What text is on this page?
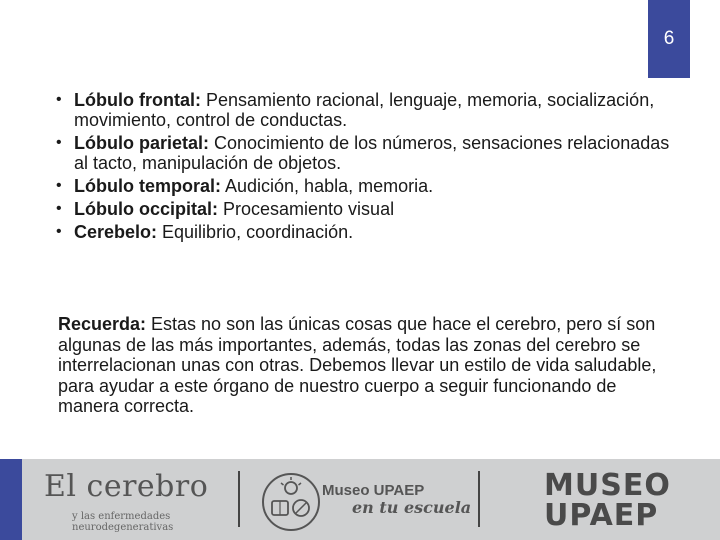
6
• Lóbulo frontal: Pensamiento racional, lenguaje, memoria, socialización, movimiento, control de conductas.
• Lóbulo parietal: Conocimiento de los números, sensaciones relacionadas al tacto, manipulación de objetos.
• Lóbulo temporal: Audición, habla, memoria.
• Lóbulo occipital: Procesamiento visual
• Cerebelo: Equilibrio, coordinación.

Recuerda: Estas no son las únicas cosas que hace el cerebro, pero sí son algunas de las más importantes, además, todas las zonas del cerebro se interrelacionan unas con otras. Debemos llevar un estilo de vida saludable, para ayudar a este órgano de nuestro cuerpo a seguir funcionando de manera correcta.

El cerebro
y las enfermedades
neurodegenerativas
Museo UPAEP
en tu escuela
MUSEO
UPAEP
